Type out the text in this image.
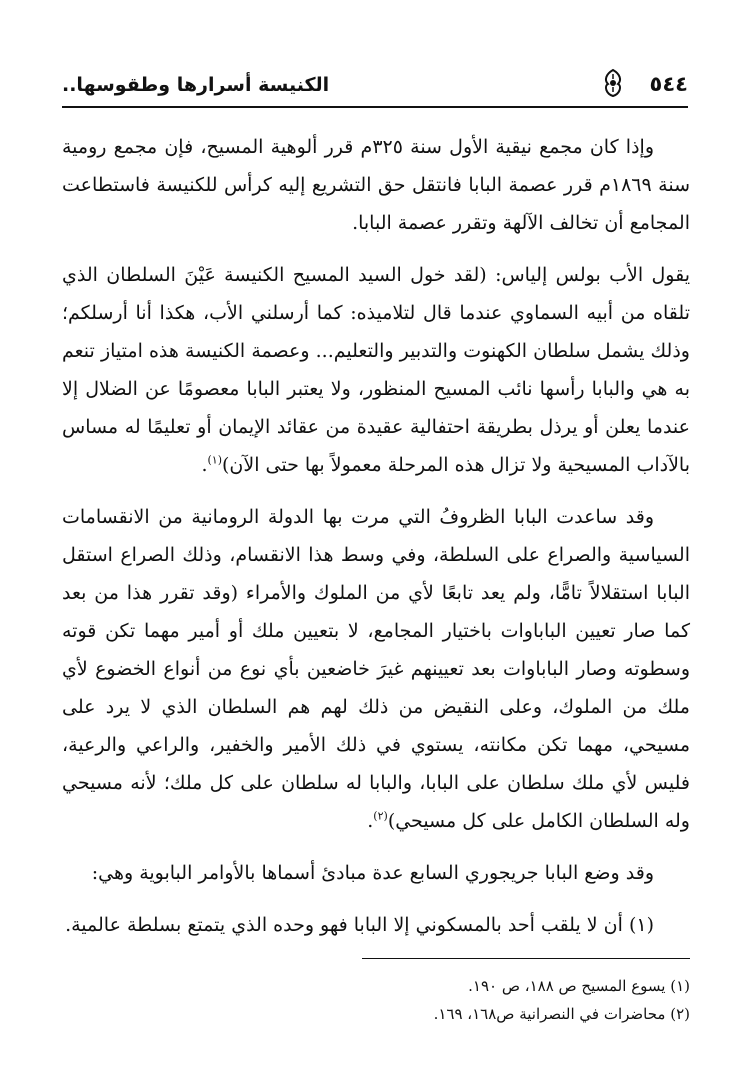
الكنيسة أسرارها وطقوسها..	٥٤٤

وإذا كان مجمع نيقية الأول سنة ٣٢٥م قرر ألوهية المسيح، فإن مجمع رومية سنة ١٨٦٩م قرر عصمة البابا فانتقل حق التشريع إليه كرأس للكنيسة فاستطاعت المجامع أن تخالف الآلهة وتقرر عصمة البابا.

يقول الأب بولس إلياس: (لقد خول السيد المسيح الكنيسة عَيْنَ السلطان الذي تلقاه من أبيه السماوي عندما قال لتلاميذه: كما أرسلني الأب، هكذا أنا أرسلكم؛ وذلك يشمل سلطان الكهنوت والتدبير والتعليم... وعصمة الكنيسة هذه امتياز تنعم به هي والبابا رأسها نائب المسيح المنظور، ولا يعتبر البابا معصومًا عن الضلال إلا عندما يعلن أو يرذل بطريقة احتفالية عقيدة من عقائد الإيمان أو تعليمًا له مساس بالآداب المسيحية ولا تزال هذه المرحلة معمولاً بها حتى الآن)$^{(١)}$.

وقد ساعدت البابا الظروفُ التي مرت بها الدولة الرومانية من الانقسامات السياسية والصراع على السلطة، وفي وسط هذا الانقسام، وذلك الصراع استقل البابا استقلالاً تامًّا، ولم يعد تابعًا لأي من الملوك والأمراء (وقد تقرر هذا من بعد كما صار تعيين الباباوات باختيار المجامع، لا بتعيين ملك أو أمير مهما تكن قوته وسطوته وصار الباباوات بعد تعيينهم غيرَ خاضعين بأي نوع من أنواع الخضوع لأي ملك من الملوك، وعلى النقيض من ذلك لهم هم السلطان الذي لا يرد على مسيحي، مهما تكن مكانته، يستوي في ذلك الأمير والخفير، والراعي والرعية، فليس لأي ملك سلطان على البابا، والبابا له سلطان على كل ملك؛ لأنه مسيحي وله السلطان الكامل على كل مسيحي)$^{(٢)}$.

وقد وضع البابا جريجوري السابع عدة مبادئ أسماها بالأوامر البابوية وهي:

(١) أن لا يلقب أحد بالمسكوني إلا البابا فهو وحده الذي يتمتع بسلطة عالمية.

(١) يسوع المسيح ص ١٨٨، ص ١٩٠.

(٢) محاضرات في النصرانية ص١٦٨، ١٦٩.
